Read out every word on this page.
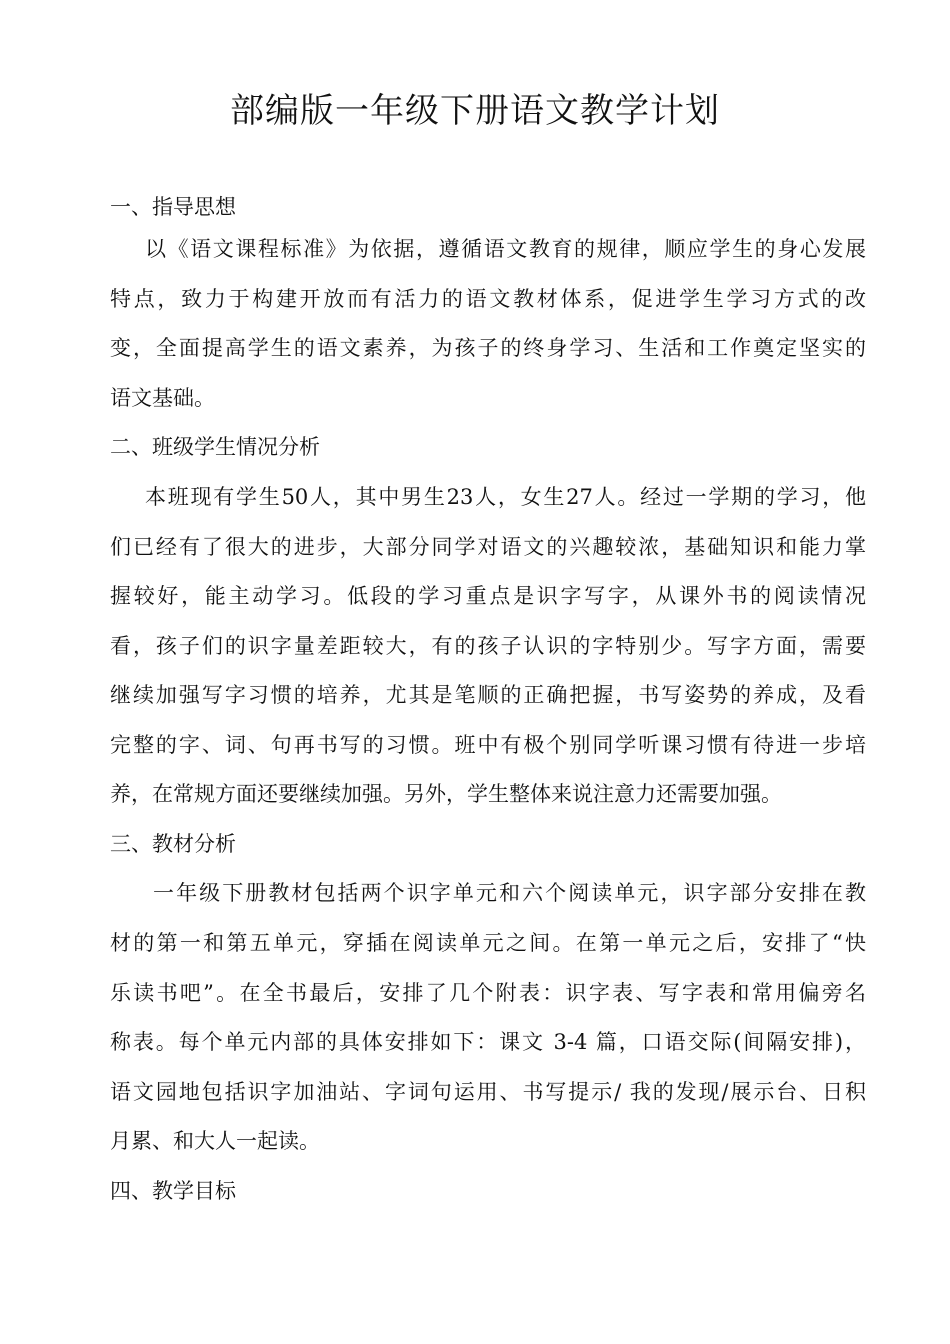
部编版一年级下册语文教学计划
一、指导思想
以《语文课程标准》为依据，遵循语文教育的规律，顺应学生的身心发展
特点，致力于构建开放而有活力的语文教材体系，促进学生学习方式的改
变，全面提高学生的语文素养，为孩子的终身学习、生活和工作奠定坚实的
语文基础。
二、班级学生情况分析
本班现有学生50人，其中男生23人，女生27人。经过一学期的学习，他
们已经有了很大的进步，大部分同学对语文的兴趣较浓，基础知识和能力掌
握较好，能主动学习。低段的学习重点是识字写字，从课外书的阅读情况
看，孩子们的识字量差距较大，有的孩子认识的字特别少。写字方面，需要
继续加强写字习惯的培养，尤其是笔顺的正确把握，书写姿势的养成，及看
完整的字、词、句再书写的习惯。班中有极个别同学听课习惯有待进一步培
养，在常规方面还要继续加强。另外，学生整体来说注意力还需要加强。
三、教材分析
一年级下册教材包括两个识字单元和六个阅读单元，识字部分安排在教
材的第一和第五单元，穿插在阅读单元之间。在第一单元之后，安排了“快
乐读书吧”。在全书最后，安排了几个附表：识字表、写字表和常用偏旁名
称表。每个单元内部的具体安排如下：课文 3-4 篇，口语交际(间隔安排)，
语文园地包括识字加油站、字词句运用、书写提示/ 我的发现/展示台、日积
月累、和大人一起读。
四、教学目标
